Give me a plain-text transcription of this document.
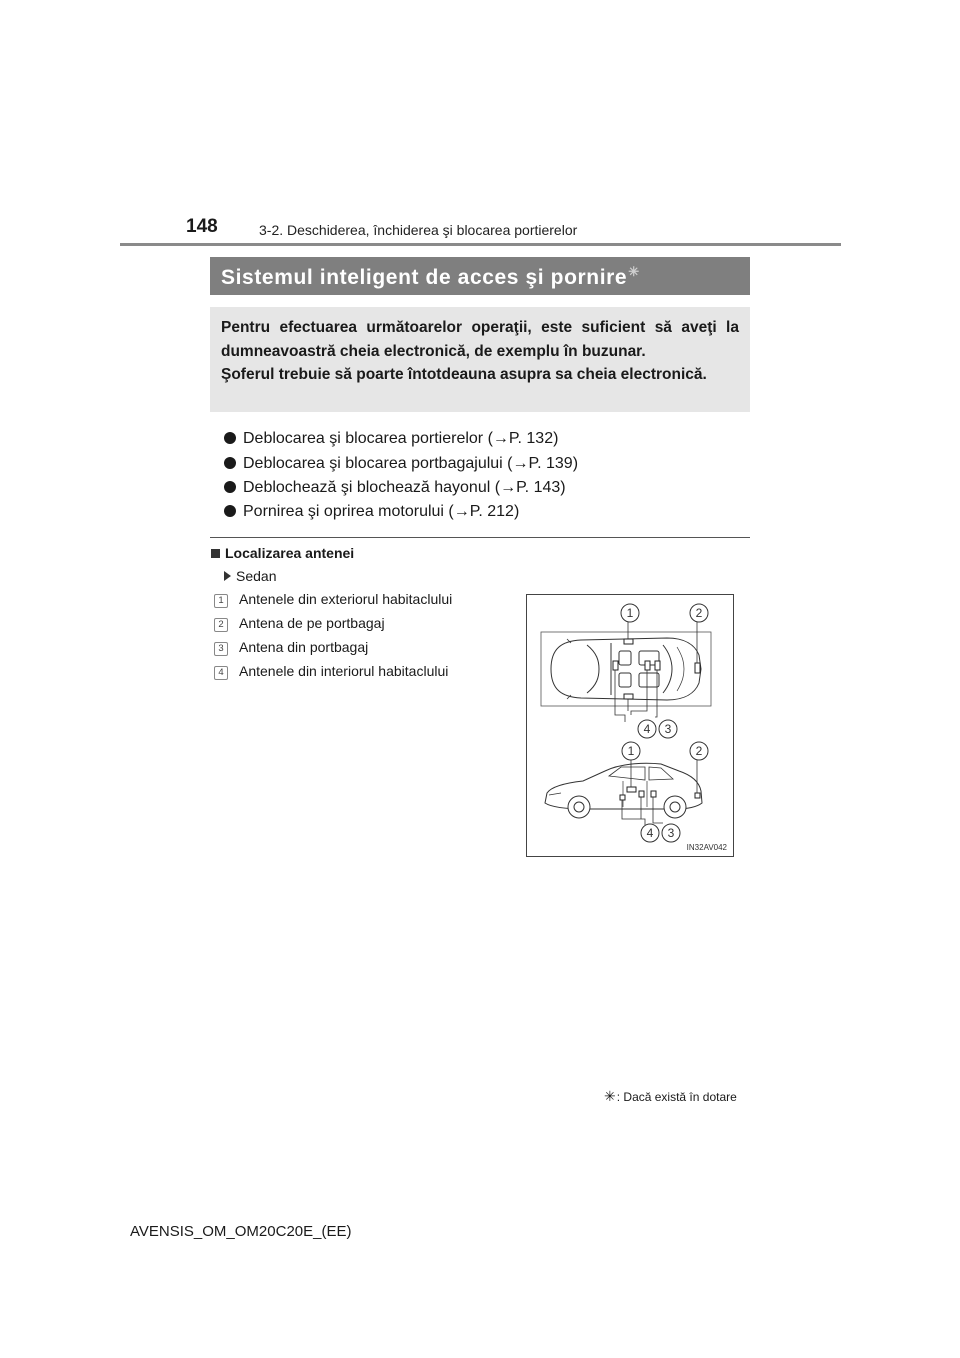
148	3-2. Deschiderea, închiderea şi blocarea portierelor
Sistemul inteligent de acces şi pornire✳
Pentru efectuarea următoarelor operaţii, este suficient să aveţi la dumneavoastră cheia electronică, de exemplu în buzunar.
Şoferul trebuie să poarte întotdeauna asupra sa cheia electronică.
Deblocarea şi blocarea portierelor (→P. 132)
Deblocarea şi blocarea portbagajului (→P. 139)
Deblochează şi blochează hayonul (→P. 143)
Pornirea şi oprirea motorului (→P. 212)
Localizarea antenei
Sedan
1 Antenele din exteriorul habitaclului
2 Antena de pe portbagaj
3 Antena din portbagaj
4 Antenele din interiorul habitaclului
1	2
4 3
1	2
4 3
IN32AV042
✳: Dacă există în dotare
AVENSIS_OM_OM20C20E_(EE)
